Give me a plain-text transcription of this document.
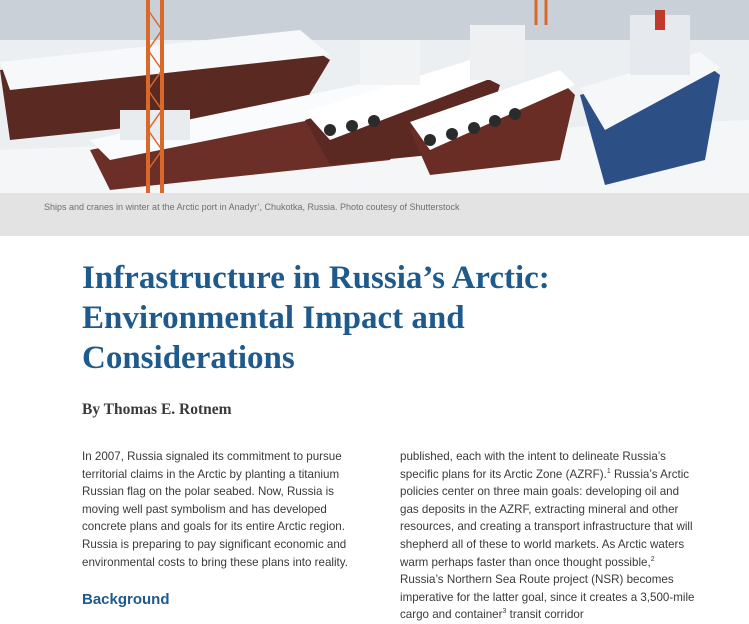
Ships and cranes in winter at the Arctic port in Anadyr’, Chukotka, Russia. Photo coutesy of Shutterstock
Infrastructure in Russia’s Arctic:
Environmental Impact and
Considerations

By Thomas E. Rotnem

In 2007, Russia signaled its commitment to pursue territorial claims in the Arctic by planting a titanium Russian flag on the polar seabed. Now, Russia is moving well past symbolism and has developed concrete plans and goals for its entire Arctic region. Russia is preparing to pay significant economic and environmental costs to bring these plans into reality.

Background

published, each with the intent to delineate Russia’s specific plans for its Arctic Zone (AZRF).$^1$ Russia’s Arctic policies center on three main goals: developing oil and gas deposits in the AZRF, extracting mineral and other resources, and creating a transport infrastructure that will shepherd all of these to world markets. As Arctic waters warm perhaps faster than once thought possible,$^2$ Russia’s Northern Sea Route project (NSR) becomes imperative for the latter goal, since it creates a 3,500-mile cargo and container$^3$ transit corridor
